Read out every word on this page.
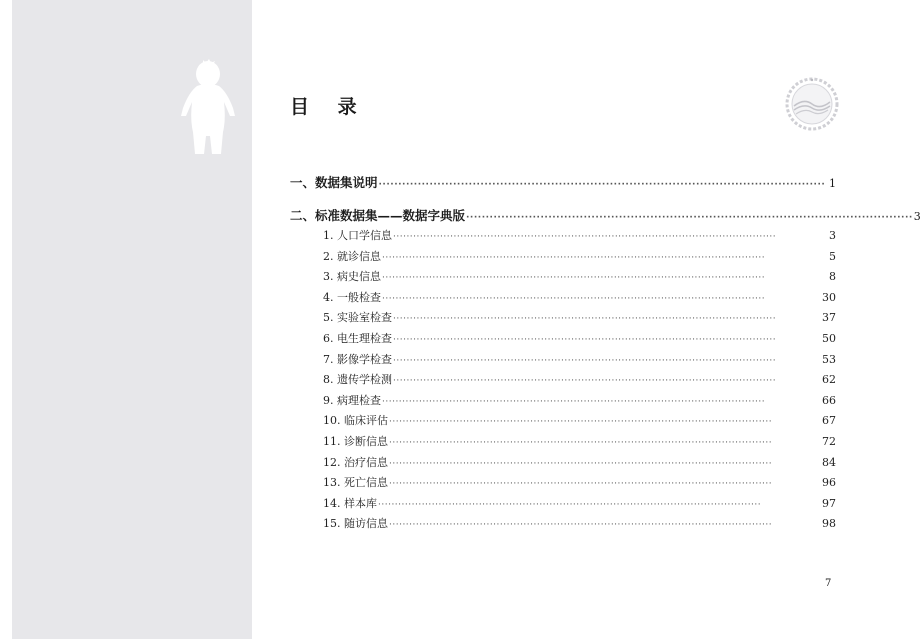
目 录
一、数据集说明 ·················································································································· 1
二、标准数据集——数据字典版 ·················································································································· 3
1. 人口学信息 ··················································································································	3
2. 就诊信息 ··················································································································	5
3. 病史信息 ··················································································································	8
4. 一般检查 ··················································································································	30
5. 实验室检查 ··················································································································	37
6. 电生理检查 ··················································································································	50
7. 影像学检查 ··················································································································	53
8. 遗传学检测 ··················································································································	62
9. 病理检查 ··················································································································	66
10. 临床评估 ··················································································································	67
11. 诊断信息 ··················································································································	72
12. 治疗信息 ··················································································································	84
13. 死亡信息 ··················································································································	96
14. 样本库 ··················································································································	97
15. 随访信息 ··················································································································	98
7
